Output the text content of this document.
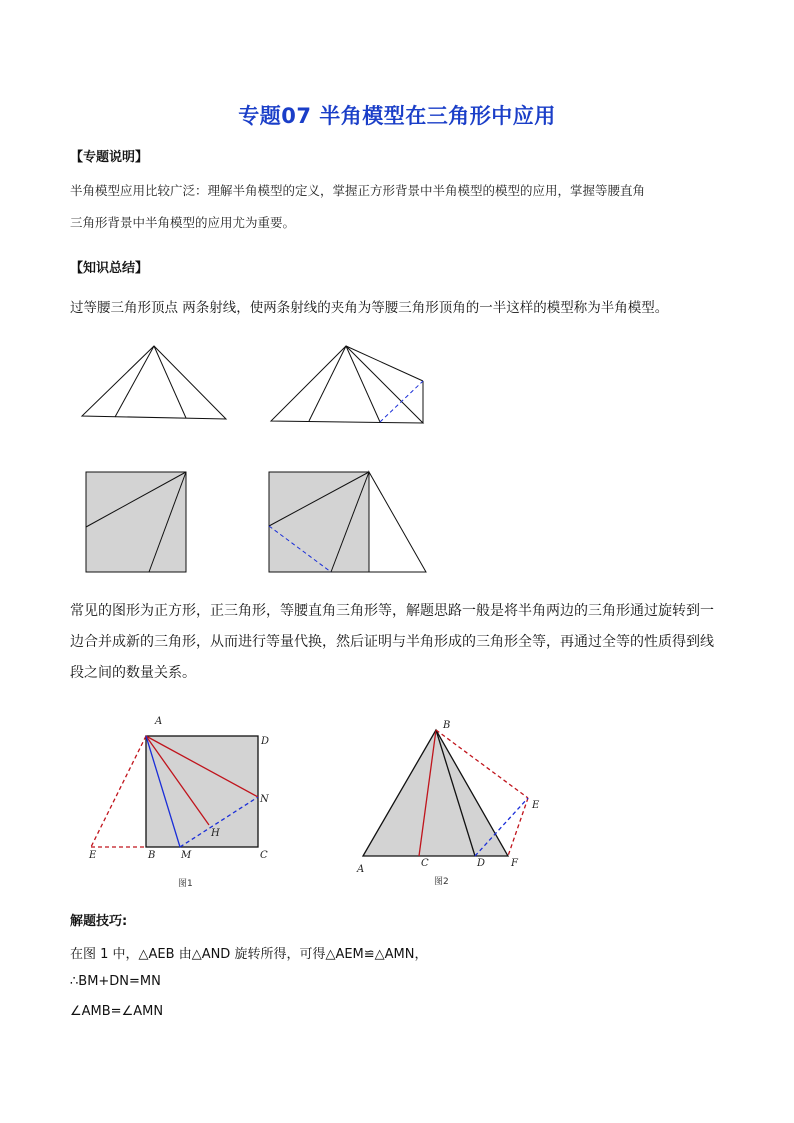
专题07 半角模型在三角形中应用
【专题说明】
半角模型应用比较广泛：理解半角模型的定义，掌握正方形背景中半角模型的模型的应用，掌握等腰直角
三角形背景中半角模型的应用尤为重要。
【知识总结】
过等腰三角形顶点 两条射线，使两条射线的夹角为等腰三角形顶角的一半这样的模型称为半角模型。
A
D
N
H
E	B	M	C
图1
B
E
A
C	D	F
图2
常见的图形为正方形，正三角形，等腰直角三角形等，解题思路一般是将半角两边的三角形通过旋转到一
边合并成新的三角形，从而进行等量代换，然后证明与半角形成的三角形全等，再通过全等的性质得到线
段之间的数量关系。
解题技巧:
在图 1 中，△AEB 由△AND 旋转所得，可得△AEM≌△AMN，
∴BM+DN=MN
∠AMB=∠AMN
